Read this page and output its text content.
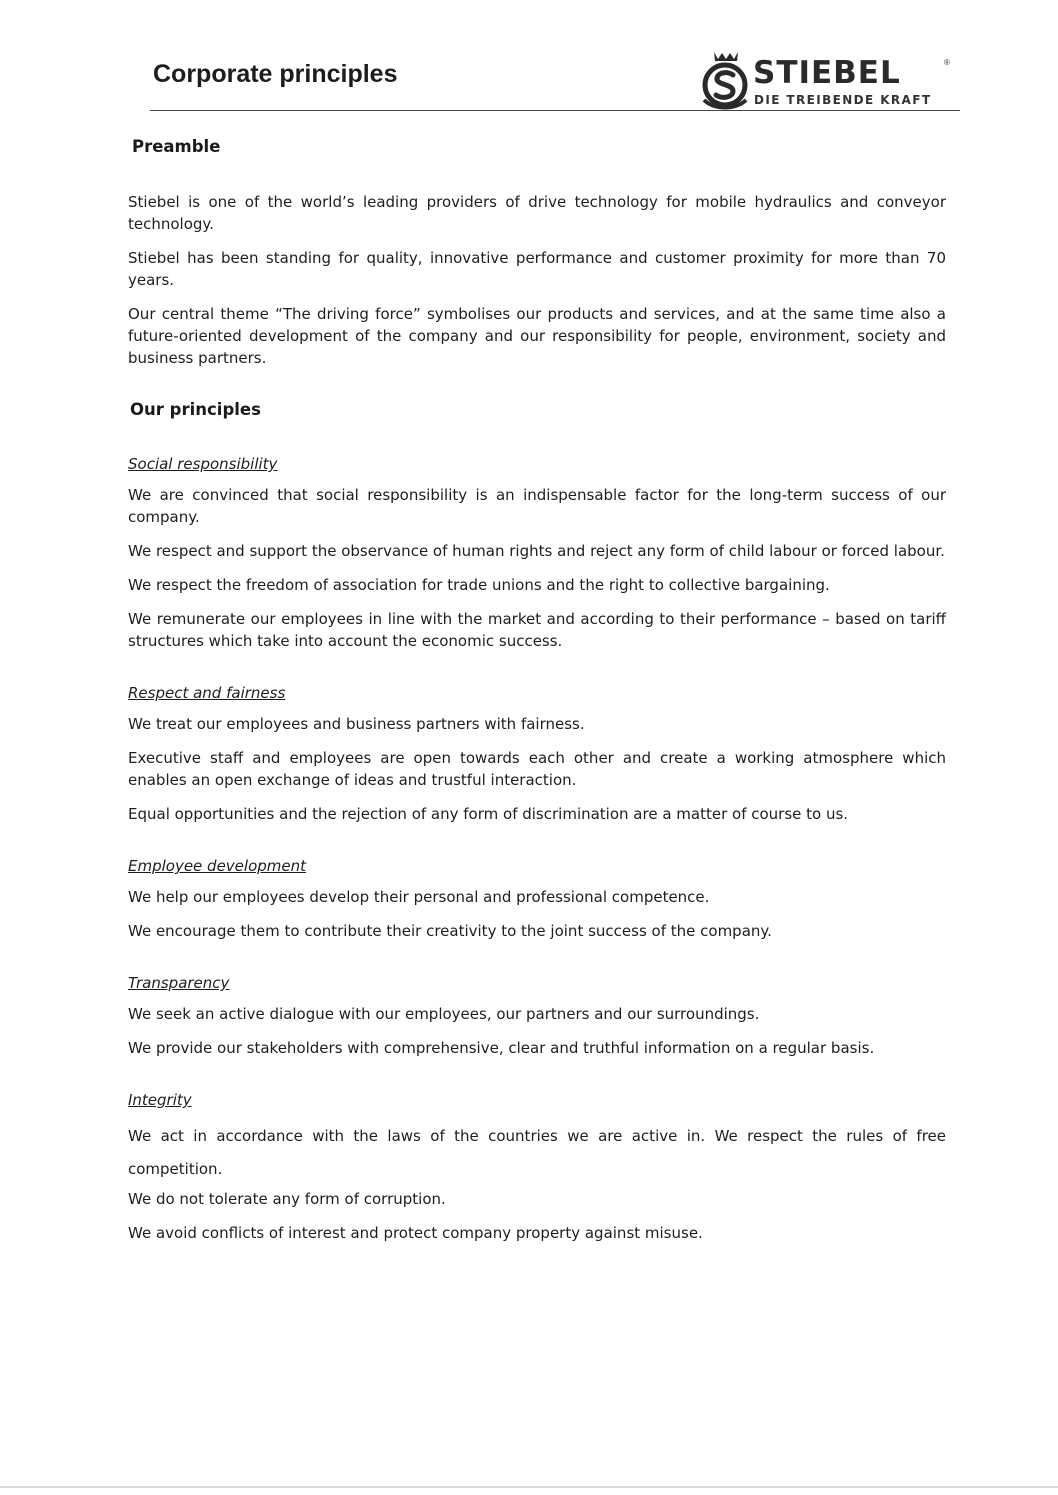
Corporate principles	STIEBEL	®
DIE TREIBENDE KRAFT
Preamble

Stiebel is one of the world’s leading providers of drive technology for mobile hydraulics and conveyor technology.

Stiebel has been standing for quality, innovative performance and customer proximity for more than 70 years.

Our central theme “The driving force” symbolises our products and services, and at the same time also a future-oriented development of the company and our responsibility for people, environment, society and business partners.

Our principles

Social responsibility

We are convinced that social responsibility is an indispensable factor for the long-term success of our company.

We respect and support the observance of human rights and reject any form of child labour or forced labour.

We respect the freedom of association for trade unions and the right to collective bargaining.

We remunerate our employees in line with the market and according to their performance – based on tariff structures which take into account the economic success.

Respect and fairness

We treat our employees and business partners with fairness.

Executive staff and employees are open towards each other and create a working atmosphere which enables an open exchange of ideas and trustful interaction.

Equal opportunities and the rejection of any form of discrimination are a matter of course to us.

Employee development

We help our employees develop their personal and professional competence.

We encourage them to contribute their creativity to the joint success of the company.

Transparency

We seek an active dialogue with our employees, our partners and our surroundings.

We provide our stakeholders with comprehensive, clear and truthful information on a regular basis.

Integrity

We act in accordance with the laws of the countries we are active in. We respect the rules of free competition.

We do not tolerate any form of corruption.

We avoid conflicts of interest and protect company property against misuse.
